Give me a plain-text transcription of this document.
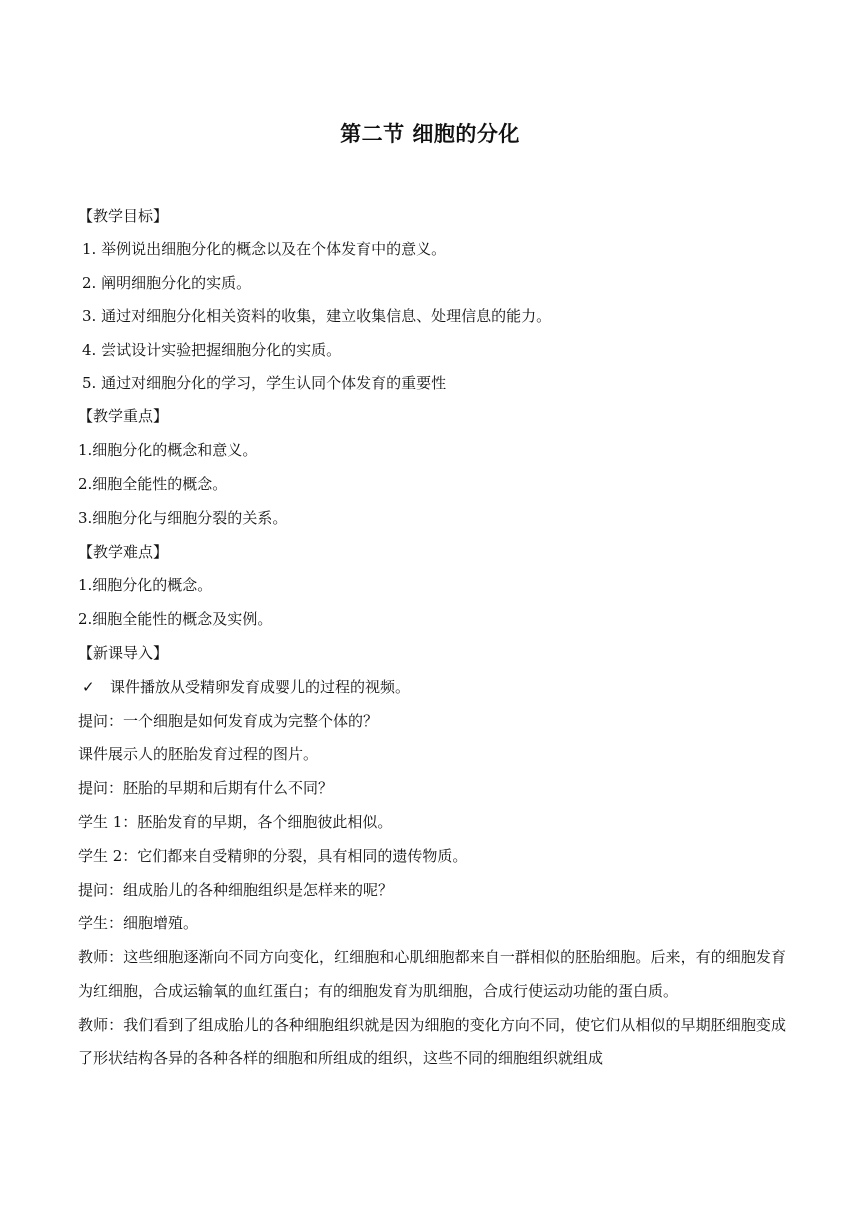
第二节 细胞的分化
【教学目标】
1. 举例说出细胞分化的概念以及在个体发育中的意义。
2. 阐明细胞分化的实质。
3. 通过对细胞分化相关资料的收集，建立收集信息、处理信息的能力。
4. 尝试设计实验把握细胞分化的实质。
5. 通过对细胞分化的学习，学生认同个体发育的重要性
【教学重点】
1.细胞分化的概念和意义。
2.细胞全能性的概念。
3.细胞分化与细胞分裂的关系。
【教学难点】
1.细胞分化的概念。
2.细胞全能性的概念及实例。
【新课导入】
✓ 课件播放从受精卵发育成婴儿的过程的视频。
提问：一个细胞是如何发育成为完整个体的？
课件展示人的胚胎发育过程的图片。
提问：胚胎的早期和后期有什么不同？
学生 1：胚胎发育的早期，各个细胞彼此相似。
学生 2：它们都来自受精卵的分裂，具有相同的遗传物质。
提问：组成胎儿的各种细胞组织是怎样来的呢？
学生：细胞增殖。
教师：这些细胞逐渐向不同方向变化，红细胞和心肌细胞都来自一群相似的胚胎细胞。后来，有的细胞发育为红细胞，合成运输氧的血红蛋白；有的细胞发育为肌细胞，合成行使运动功能的蛋白质。
教师：我们看到了组成胎儿的各种细胞组织就是因为细胞的变化方向不同，使它们从相似的早期胚细胞变成了形状结构各异的各种各样的细胞和所组成的组织，这些不同的细胞组织就组成
